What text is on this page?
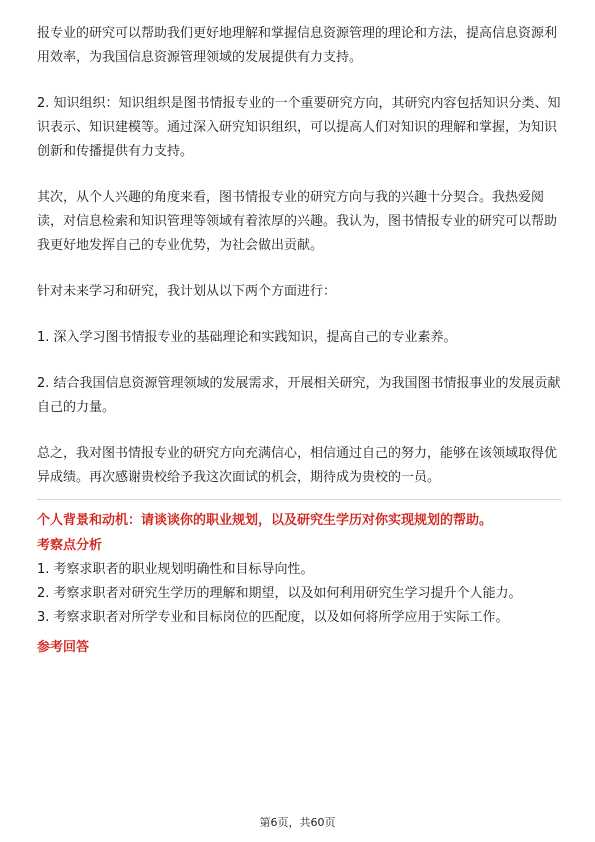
报专业的研究可以帮助我们更好地理解和掌握信息资源管理的理论和方法，提高信息资源利用效率，为我国信息资源管理领域的发展提供有力支持。

2. 知识组织：知识组织是图书情报专业的一个重要研究方向，其研究内容包括知识分类、知识表示、知识建模等。通过深入研究知识组织，可以提高人们对知识的理解和掌握，为知识创新和传播提供有力支持。

其次，从个人兴趣的角度来看，图书情报专业的研究方向与我的兴趣十分契合。我热爱阅读，对信息检索和知识管理等领域有着浓厚的兴趣。我认为，图书情报专业的研究可以帮助我更好地发挥自己的专业优势，为社会做出贡献。

针对未来学习和研究，我计划从以下两个方面进行：

1. 深入学习图书情报专业的基础理论和实践知识，提高自己的专业素养。

2. 结合我国信息资源管理领域的发展需求，开展相关研究，为我国图书情报事业的发展贡献自己的力量。

总之，我对图书情报专业的研究方向充满信心，相信通过自己的努力，能够在该领域取得优异成绩。再次感谢贵校给予我这次面试的机会，期待成为贵校的一员。

个人背景和动机：请谈谈你的职业规划，以及研究生学历对你实现规划的帮助。

考察点分析

1. 考察求职者的职业规划明确性和目标导向性。

2. 考察求职者对研究生学历的理解和期望，以及如何利用研究生学习提升个人能力。

3. 考察求职者对所学专业和目标岗位的匹配度，以及如何将所学应用于实际工作。

参考回答

第6页，共60页
